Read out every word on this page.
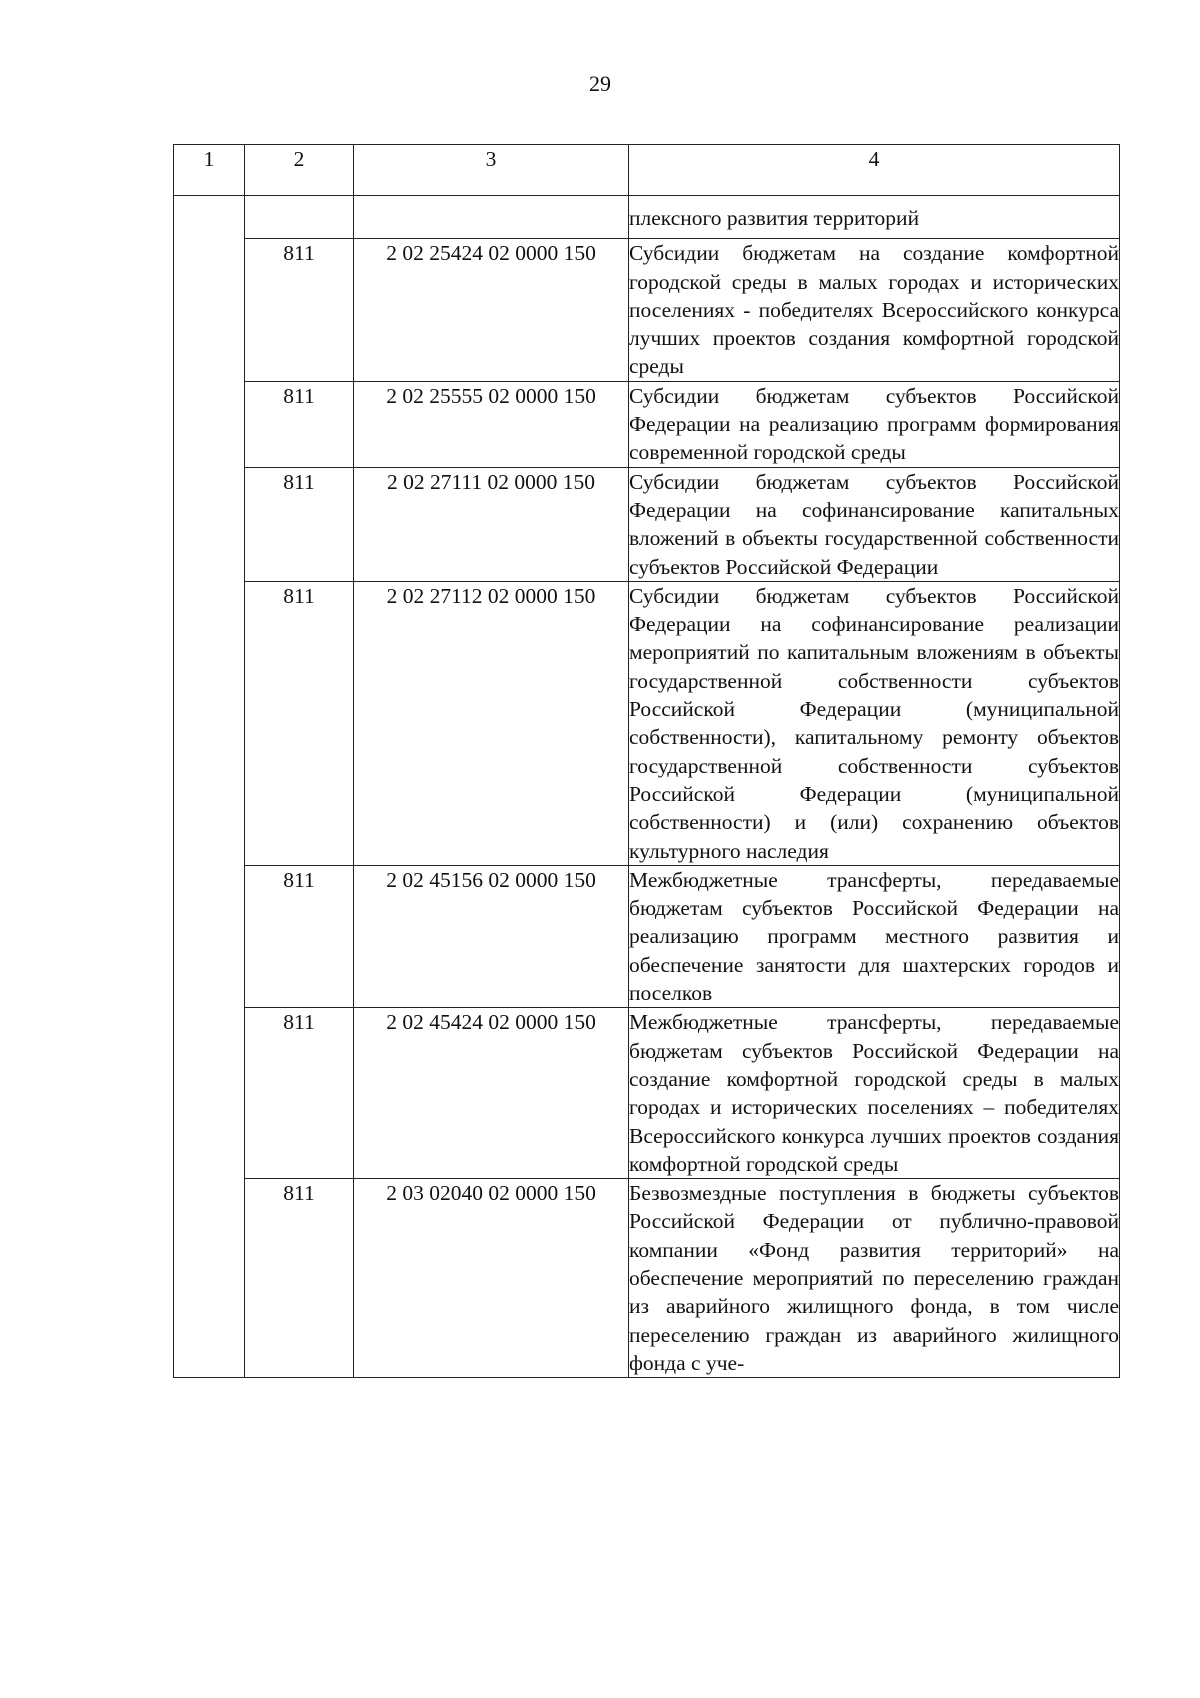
29
1	2	3	4
			плексного развития территорий
	811	2 02 25424 02 0000 150	Субсидии бюджетам на создание комфортной городской среды в малых городах и исторических поселениях - победителях Всероссийского конкурса лучших проектов создания комфортной городской среды
	811	2 02 25555 02 0000 150	Субсидии бюджетам субъектов Российской Федерации на реализацию программ формирования современной городской среды
	811	2 02 27111 02 0000 150	Субсидии бюджетам субъектов Российской Федерации на софинансирование капитальных вложений в объекты государственной собственности субъектов Российской Федерации
	811	2 02 27112 02 0000 150	Субсидии бюджетам субъектов Российской Федерации на софинансирование реализации мероприятий по капитальным вложениям в объекты государственной собственности субъектов Российской Федерации (муниципальной собственности), капитальному ремонту объектов государственной собственности субъектов Российской Федерации (муниципальной собственности) и (или) сохранению объектов культурного наследия
	811	2 02 45156 02 0000 150	Межбюджетные трансферты, передаваемые бюджетам субъектов Российской Федерации на реализацию программ местного развития и обеспечение занятости для шахтерских городов и поселков
	811	2 02 45424 02 0000 150	Межбюджетные трансферты, передаваемые бюджетам субъектов Российской Федерации на создание комфортной городской среды в малых городах и исторических поселениях – победителях Всероссийского конкурса лучших проектов создания комфортной городской среды
	811	2 03 02040 02 0000 150	Безвозмездные поступления в бюджеты субъектов Российской Федерации от публично-правовой компании «Фонд развития территорий» на обеспечение мероприятий по переселению граждан из аварийного жилищного фонда, в том числе переселению граждан из аварийного жилищного фонда с уче-
